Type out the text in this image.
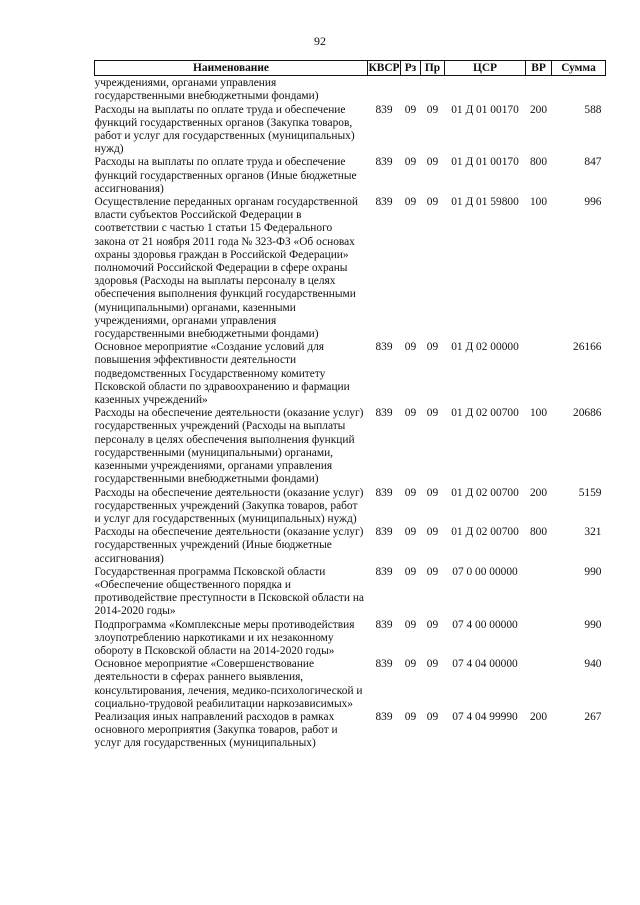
92
Наименование	КВСР	Рз	Пр	ЦСР	ВР	Сумма
учреждениями, органами управления государственными внебюджетными фондами)						
Расходы на выплаты по оплате труда и обеспечение функций государственных органов (Закупка товаров, работ и услуг для государственных (муниципальных) нужд)	839	09	09	01 Д 01 00170	200	588
Расходы на выплаты по оплате труда и обеспечение функций государственных органов (Иные бюджетные ассигнования)	839	09	09	01 Д 01 00170	800	847
Осуществление переданных органам государственной власти субъектов Российской Федерации в соответствии с частью 1 статьи 15 Федерального закона от 21 ноября 2011 года № 323-ФЗ «Об основах охраны здоровья граждан в Российской Федерации» полномочий Российской Федерации в сфере охраны здоровья (Расходы на выплаты персоналу в целях обеспечения выполнения функций государственными (муниципальными) органами, казенными учреждениями, органами управления государственными внебюджетными фондами)	839	09	09	01 Д 01 59800	100	996
Основное мероприятие «Создание условий для повышения эффективности деятельности подведомственных Государственному комитету Псковской области по здравоохранению и фармации казенных учреждений»	839	09	09	01 Д 02 00000		26166
Расходы на обеспечение деятельности (оказание услуг) государственных учреждений (Расходы на выплаты персоналу в целях обеспечения выполнения функций государственными (муниципальными) органами, казенными учреждениями, органами управления государственными внебюджетными фондами)	839	09	09	01 Д 02 00700	100	20686
Расходы на обеспечение деятельности (оказание услуг) государственных учреждений (Закупка товаров, работ и услуг для государственных (муниципальных) нужд)	839	09	09	01 Д 02 00700	200	5159
Расходы на обеспечение деятельности (оказание услуг) государственных учреждений (Иные бюджетные ассигнования)	839	09	09	01 Д 02 00700	800	321
Государственная программа Псковской области «Обеспечение общественного порядка и противодействие преступности в Псковской области на 2014-2020 годы»	839	09	09	07 0 00 00000		990
Подпрограмма «Комплексные меры противодействия злоупотреблению наркотиками и их незаконному обороту в Псковской области на 2014-2020 годы»	839	09	09	07 4 00 00000		990
Основное мероприятие «Совершенствование деятельности в сферах раннего выявления, консультирования, лечения, медико-психологической и социально-трудовой реабилитации наркозависимых»	839	09	09	07 4 04 00000		940
Реализация иных направлений расходов в рамках основного мероприятия (Закупка товаров, работ и услуг для государственных (муниципальных)	839	09	09	07 4 04 99990	200	267
